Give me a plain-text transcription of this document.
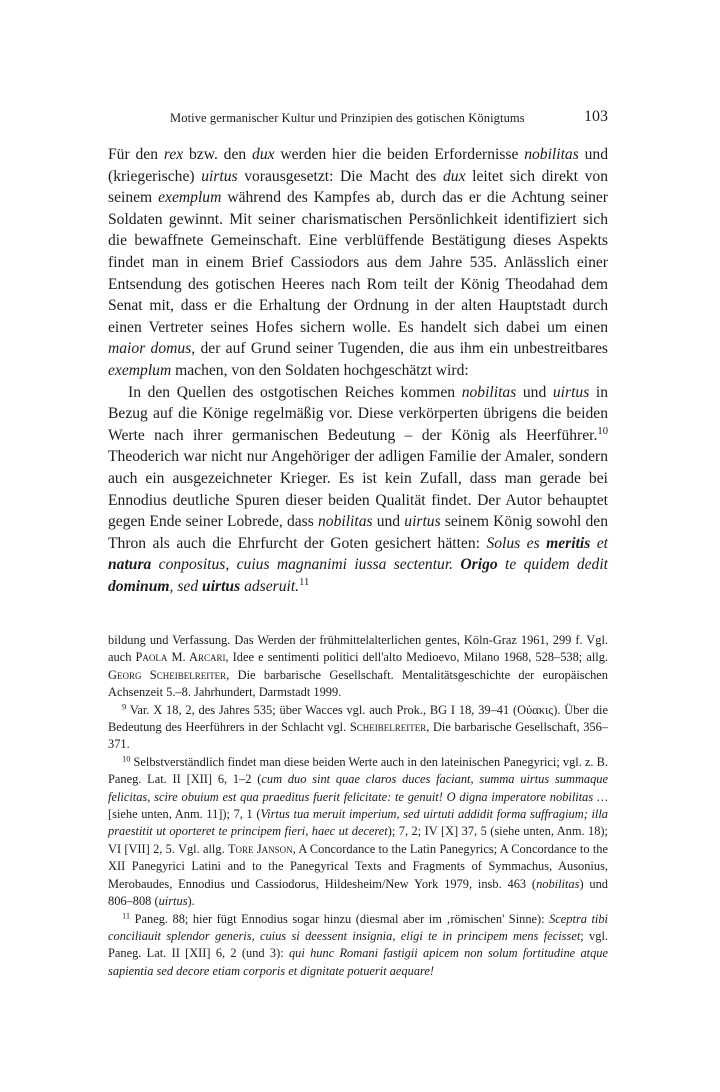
Motive germanischer Kultur und Prinzipien des gotischen Königtums	103

Für den rex bzw. den dux werden hier die beiden Erfordernisse nobilitas und (kriegerische) uirtus vorausgesetzt: Die Macht des dux leitet sich direkt von seinem exemplum während des Kampfes ab, durch das er die Achtung seiner Soldaten gewinnt. Mit seiner charismatischen Persönlichkeit identifiziert sich die bewaffnete Gemeinschaft. Eine verblüffende Bestätigung dieses Aspekts findet man in einem Brief Cassiodors aus dem Jahre 535. Anlässlich einer Entsendung des gotischen Heeres nach Rom teilt der König Theodahad dem Senat mit, dass er die Erhaltung der Ordnung in der alten Hauptstadt durch einen Vertreter seines Hofes sichern wolle. Es handelt sich dabei um einen maior domus, der auf Grund seiner Tugenden, die aus ihm ein unbestreitbares exemplum machen, von den Soldaten hochgeschätzt wird:

In den Quellen des ostgotischen Reiches kommen nobilitas und uirtus in Bezug auf die Könige regelmäßig vor. Diese verkörperten übrigens die beiden Werte nach ihrer germanischen Bedeutung – der König als Heerführer.$^{10}$ Theoderich war nicht nur Angehöriger der adligen Familie der Amaler, sondern auch ein ausgezeichneter Krieger. Es ist kein Zufall, dass man gerade bei Ennodius deutliche Spuren dieser beiden Qualität findet. Der Autor behauptet gegen Ende seiner Lobrede, dass nobilitas und uirtus seinem König sowohl den Thron als auch die Ehrfurcht der Goten gesichert hätten: Solus es meritis et natura conpositus, cuius magnanimi iussa sectentur. Origo te quidem dedit dominum, sed uirtus adseruit.$^{11}$

bildung und Verfassung. Das Werden der frühmittelalterlichen gentes, Köln-Graz 1961, 299 f. Vgl. auch Paola M. Arcari, Idee e sentimenti politici dell'alto Medioevo, Milano 1968, 528–538; allg. Georg Scheibelreiter, Die barbarische Gesellschaft. Mentalitätsgeschichte der europäischen Achsenzeit 5.–8. Jahrhundert, Darmstadt 1999.

$^9$ Var. X 18, 2, des Jahres 535; über Wacces vgl. auch Prok., BG I 18, 39–41 (Οὐακις). Über die Bedeutung des Heerführers in der Schlacht vgl. Scheibelreiter, Die barbarische Gesellschaft, 356–371.

$^{10}$ Selbstverständlich findet man diese beiden Werte auch in den lateinischen Panegyrici; vgl. z. B. Paneg. Lat. II [XII] 6, 1–2 (cum duo sint quae claros duces faciant, summa uirtus summaque felicitas, scire obuium est qua praeditus fuerit felicitate: te genuit! O digna imperatore nobilitas … [siehe unten, Anm. 11]); 7, 1 (Virtus tua meruit imperium, sed uirtuti addidit forma suffragium; illa praestitit ut oporteret te principem fieri, haec ut deceret); 7, 2; IV [X] 37, 5 (siehe unten, Anm. 18); VI [VII] 2, 5. Vgl. allg. Tore Janson, A Concordance to the Latin Panegyrics; A Concordance to the XII Panegyrici Latini and to the Panegyrical Texts and Fragments of Symmachus, Ausonius, Merobaudes, Ennodius und Cassiodorus, Hildesheim/New York 1979, insb. 463 (nobilitas) und 806–808 (uirtus).

$^{11}$ Paneg. 88; hier fügt Ennodius sogar hinzu (diesmal aber im ‚römischen' Sinne): Sceptra tibi conciliauit splendor generis, cuius si deessent insignia, eligi te in principem mens fecisset; vgl. Paneg. Lat. II [XII] 6, 2 (und 3): qui hunc Romani fastigii apicem non solum fortitudine atque sapientia sed decore etiam corporis et dignitate potuerit aequare!
